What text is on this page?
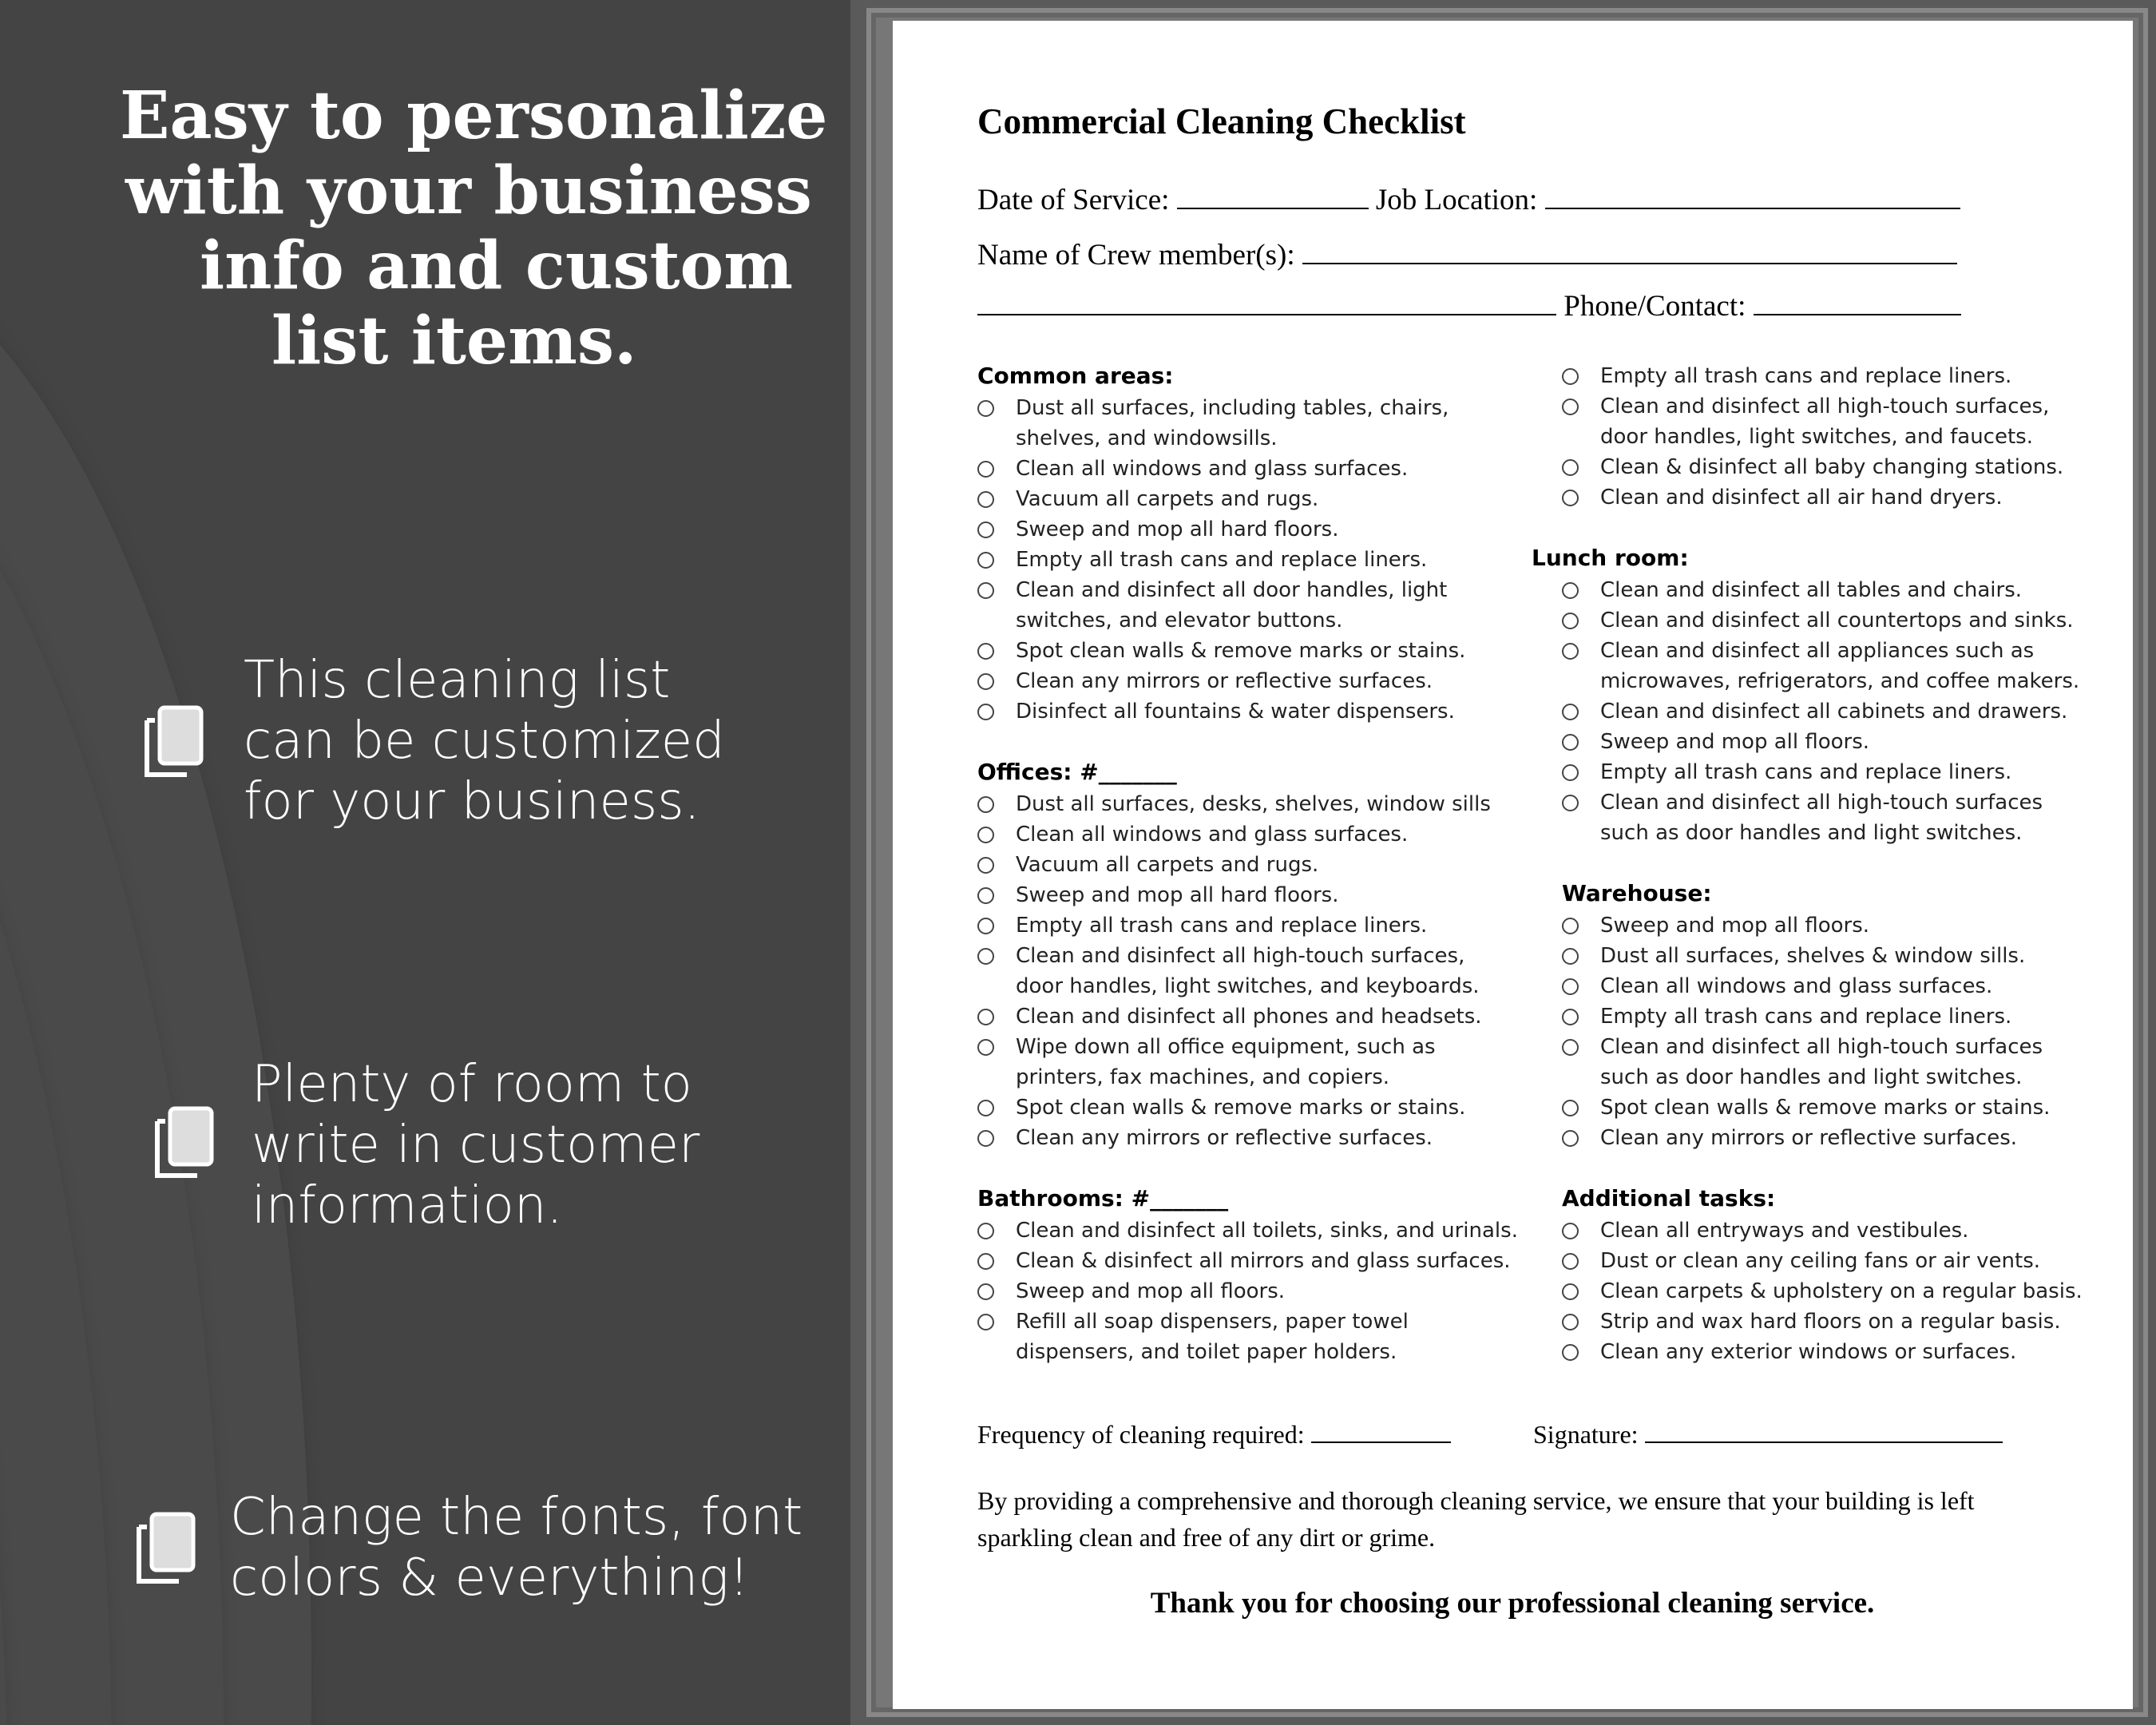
Easy to personalize
with your business
info and custom
list items.
This cleaning list
can be customized
for your business.
Plenty of room to
write in customer
information.
Change the fonts, font
colors & everything!
Commercial Cleaning Checklist
Date of Service:	Job Location:
Name of Crew member(s):
Phone/Contact:
Common areas:
Dust all surfaces, including tables, chairs,
shelves, and windowsills.
Clean all windows and glass surfaces.
Vacuum all carpets and rugs.
Sweep and mop all hard floors.
Empty all trash cans and replace liners.
Clean and disinfect all door handles, light
switches, and elevator buttons.
Spot clean walls & remove marks or stains.
Clean any mirrors or reflective surfaces.
Disinfect all fountains & water dispensers.
Offices: #_______
Dust all surfaces, desks, shelves, window sills
Clean all windows and glass surfaces.
Vacuum all carpets and rugs.
Sweep and mop all hard floors.
Empty all trash cans and replace liners.
Clean and disinfect all high-touch surfaces,
door handles, light switches, and keyboards.
Clean and disinfect all phones and headsets.
Wipe down all office equipment, such as
printers, fax machines, and copiers.
Spot clean walls & remove marks or stains.
Clean any mirrors or reflective surfaces.
Bathrooms: #_______
Clean and disinfect all toilets, sinks, and urinals.
Clean & disinfect all mirrors and glass surfaces.
Sweep and mop all floors.
Refill all soap dispensers, paper towel
dispensers, and toilet paper holders.
Empty all trash cans and replace liners.
Clean and disinfect all high-touch surfaces,
door handles, light switches, and faucets.
Clean & disinfect all baby changing stations.
Clean and disinfect all air hand dryers.
Lunch room:
Clean and disinfect all tables and chairs.
Clean and disinfect all countertops and sinks.
Clean and disinfect all appliances such as
microwaves, refrigerators, and coffee makers.
Clean and disinfect all cabinets and drawers.
Sweep and mop all floors.
Empty all trash cans and replace liners.
Clean and disinfect all high-touch surfaces
such as door handles and light switches.
Warehouse:
Sweep and mop all floors.
Dust all surfaces, shelves & window sills.
Clean all windows and glass surfaces.
Empty all trash cans and replace liners.
Clean and disinfect all high-touch surfaces
such as door handles and light switches.
Spot clean walls & remove marks or stains.
Clean any mirrors or reflective surfaces.
Additional tasks:
Clean all entryways and vestibules.
Dust or clean any ceiling fans or air vents.
Clean carpets & upholstery on a regular basis.
Strip and wax hard floors on a regular basis.
Clean any exterior windows or surfaces.
Frequency of cleaning required:	Signature:
By providing a comprehensive and thorough cleaning service, we ensure that your building is left sparkling clean and free of any dirt or grime.
Thank you for choosing our professional cleaning service.
